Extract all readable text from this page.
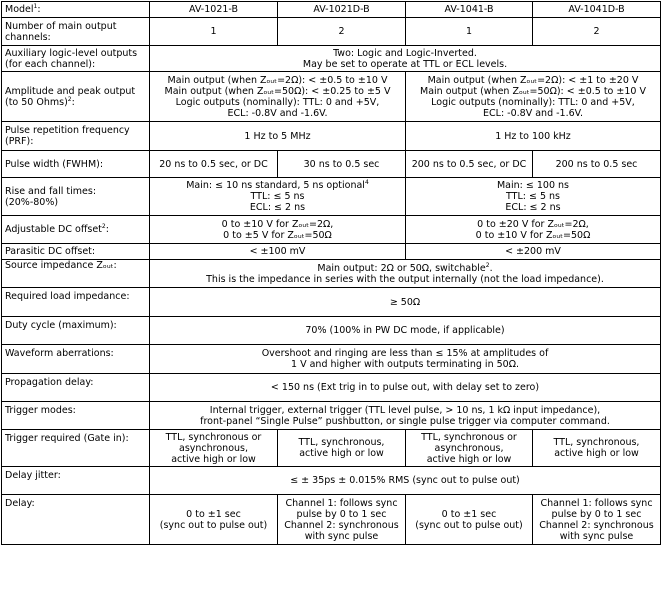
Model$^1$:	AV-1021-B	AV-1021D-B	AV-1041-B	AV-1041D-B
Number of main output channels:	1	2	1	2
Auxiliary logic-level outputs (for each channel):	Two: Logic and Logic-Inverted.
May be set to operate at TTL or ECL levels.			

Amplitude and peak output (to 50 Ohms)$^2$:	Main output (when Zₒᵤₜ=2Ω): < ±0.5 to ±10 V
Main output (when Zₒᵤₜ=50Ω): < ±0.25 to ±5 V
Logic outputs (nominally): TTL: 0 and +5V,
ECL: -0.8V and -1.6V.		Main output (when Zₒᵤₜ=2Ω): < ±1 to ±20 V
Main output (when Zₒᵤₜ=50Ω): < ±0.5 to ±10 V
Logic outputs (nominally): TTL: 0 and +5V,
ECL: -0.8V and -1.6V.	

Pulse repetition frequency (PRF):	1 Hz to 5 MHz		1 Hz to 100 kHz	
Pulse width (FWHM):	20 ns to 0.5 sec, or DC	30 ns to 0.5 sec	200 ns to 0.5 sec, or DC	200 ns to 0.5 sec

Rise and fall times:
(20%-80%)	Main: ≤ 10 ns standard, 5 ns optional$^4$
TTL: ≤ 5 ns
ECL: ≤ 2 ns		Main: ≤ 100 ns
TTL: ≤ 5 ns
ECL: ≤ 2 ns	

Adjustable DC offset$^2$:	0 to ±10 V for Zₒᵤₜ=2Ω,
0 to ±5 V for Zₒᵤₜ=50Ω		0 to ±20 V for Zₒᵤₜ=2Ω,
0 to ±10 V for Zₒᵤₜ=50Ω	

Parasitic DC offset:	< ±100 mV		< ±200 mV	
Source impedance Zₒᵤₜ:	Main output: 2Ω or 50Ω, switchable$^2$.
This is the impedance in series with the output internally (not the load impedance).			

Required load impedance:	≥ 50Ω			
Duty cycle (maximum):	70% (100% in PW DC mode, if applicable)			
Waveform aberrations:	Overshoot and ringing are less than ≤ 15% at amplitudes of
1 V and higher with outputs terminating in 50Ω.			

Propagation delay:	< 150 ns (Ext trig in to pulse out, with delay set to zero)			
Trigger modes:	Internal trigger, external trigger (TTL level pulse, > 10 ns, 1 kΩ input impedance),
front-panel “Single Pulse” pushbutton, or single pulse trigger via computer command.			

Trigger required (Gate in):	TTL, synchronous or
asynchronous,
active high or low	TTL, synchronous,
active high or low	TTL, synchronous or
asynchronous,
active high or low	TTL, synchronous,
active high or low

Delay jitter:	≤ ± 35ps ± 0.015% RMS (sync out to pulse out)			
Delay:	0 to ±1 sec
(sync out to pulse out)	Channel 1: follows sync
pulse by 0 to 1 sec
Channel 2: synchronous
with sync pulse	0 to ±1 sec
(sync out to pulse out)	Channel 1: follows sync
pulse by 0 to 1 sec
Channel 2: synchronous
with sync pulse
